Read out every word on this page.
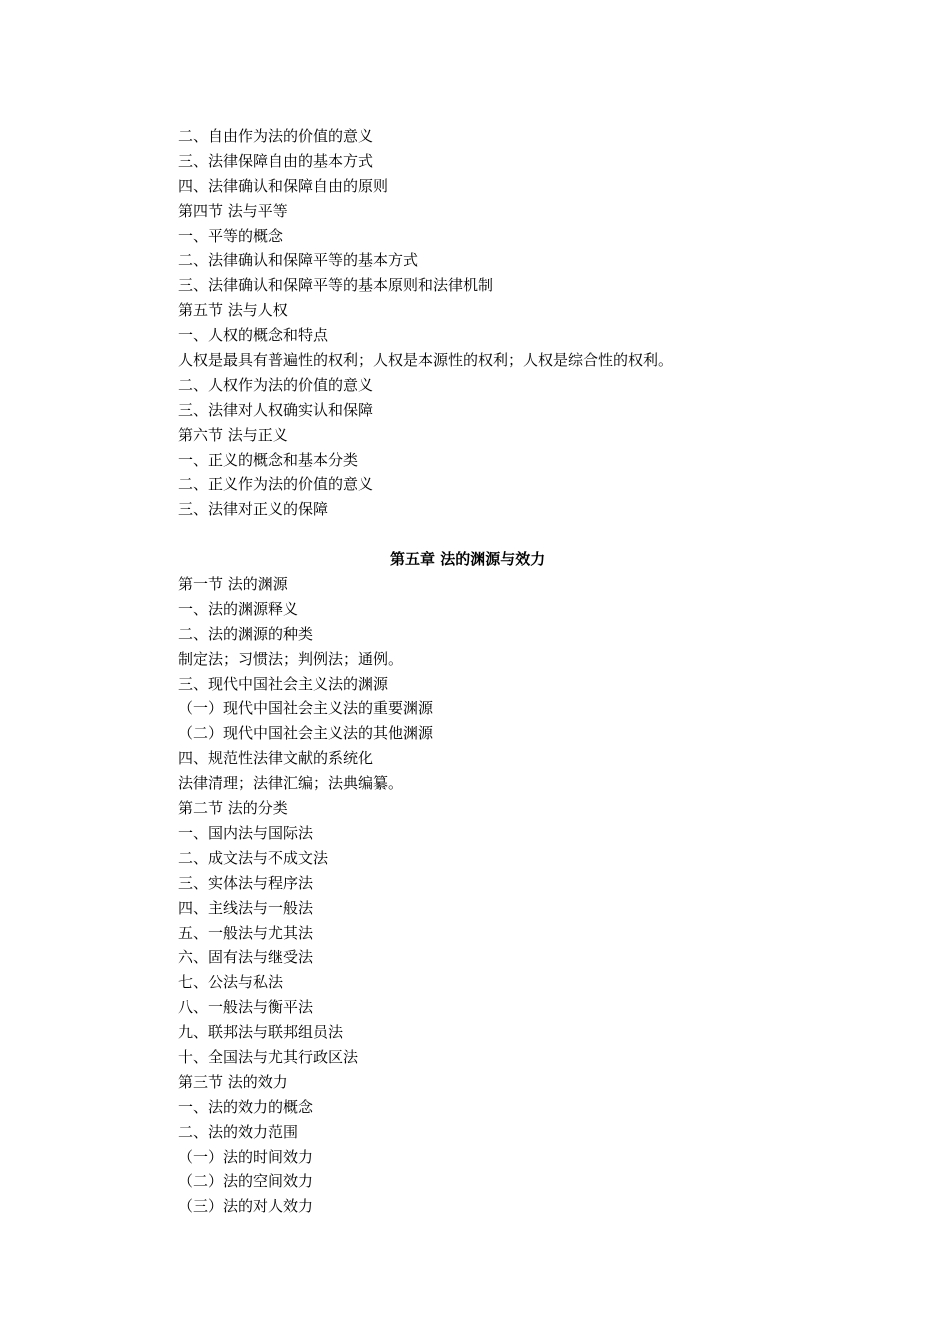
二、自由作为法的价值的意义
三、法律保障自由的基本方式
四、法律确认和保障自由的原则
第四节 法与平等
一、平等的概念
二、法律确认和保障平等的基本方式
三、法律确认和保障平等的基本原则和法律机制
第五节 法与人权
一、人权的概念和特点
人权是最具有普遍性的权利；人权是本源性的权利；人权是综合性的权利。
二、人权作为法的价值的意义
三、法律对人权确实认和保障
第六节 法与正义
一、正义的概念和基本分类
二、正义作为法的价值的意义
三、法律对正义的保障
第五章 法的渊源与效力
第一节 法的渊源
一、法的渊源释义
二、法的渊源的种类
制定法；习惯法；判例法；通例。
三、现代中国社会主义法的渊源
（一）现代中国社会主义法的重要渊源
（二）现代中国社会主义法的其他渊源
四、规范性法律文献的系统化
法律清理；法律汇编；法典编纂。
第二节 法的分类
一、国内法与国际法
二、成文法与不成文法
三、实体法与程序法
四、主线法与一般法
五、一般法与尤其法
六、固有法与继受法
七、公法与私法
八、一般法与衡平法
九、联邦法与联邦组员法
十、全国法与尤其行政区法
第三节 法的效力
一、法的效力的概念
二、法的效力范围
（一）法的时间效力
（二）法的空间效力
（三）法的对人效力
